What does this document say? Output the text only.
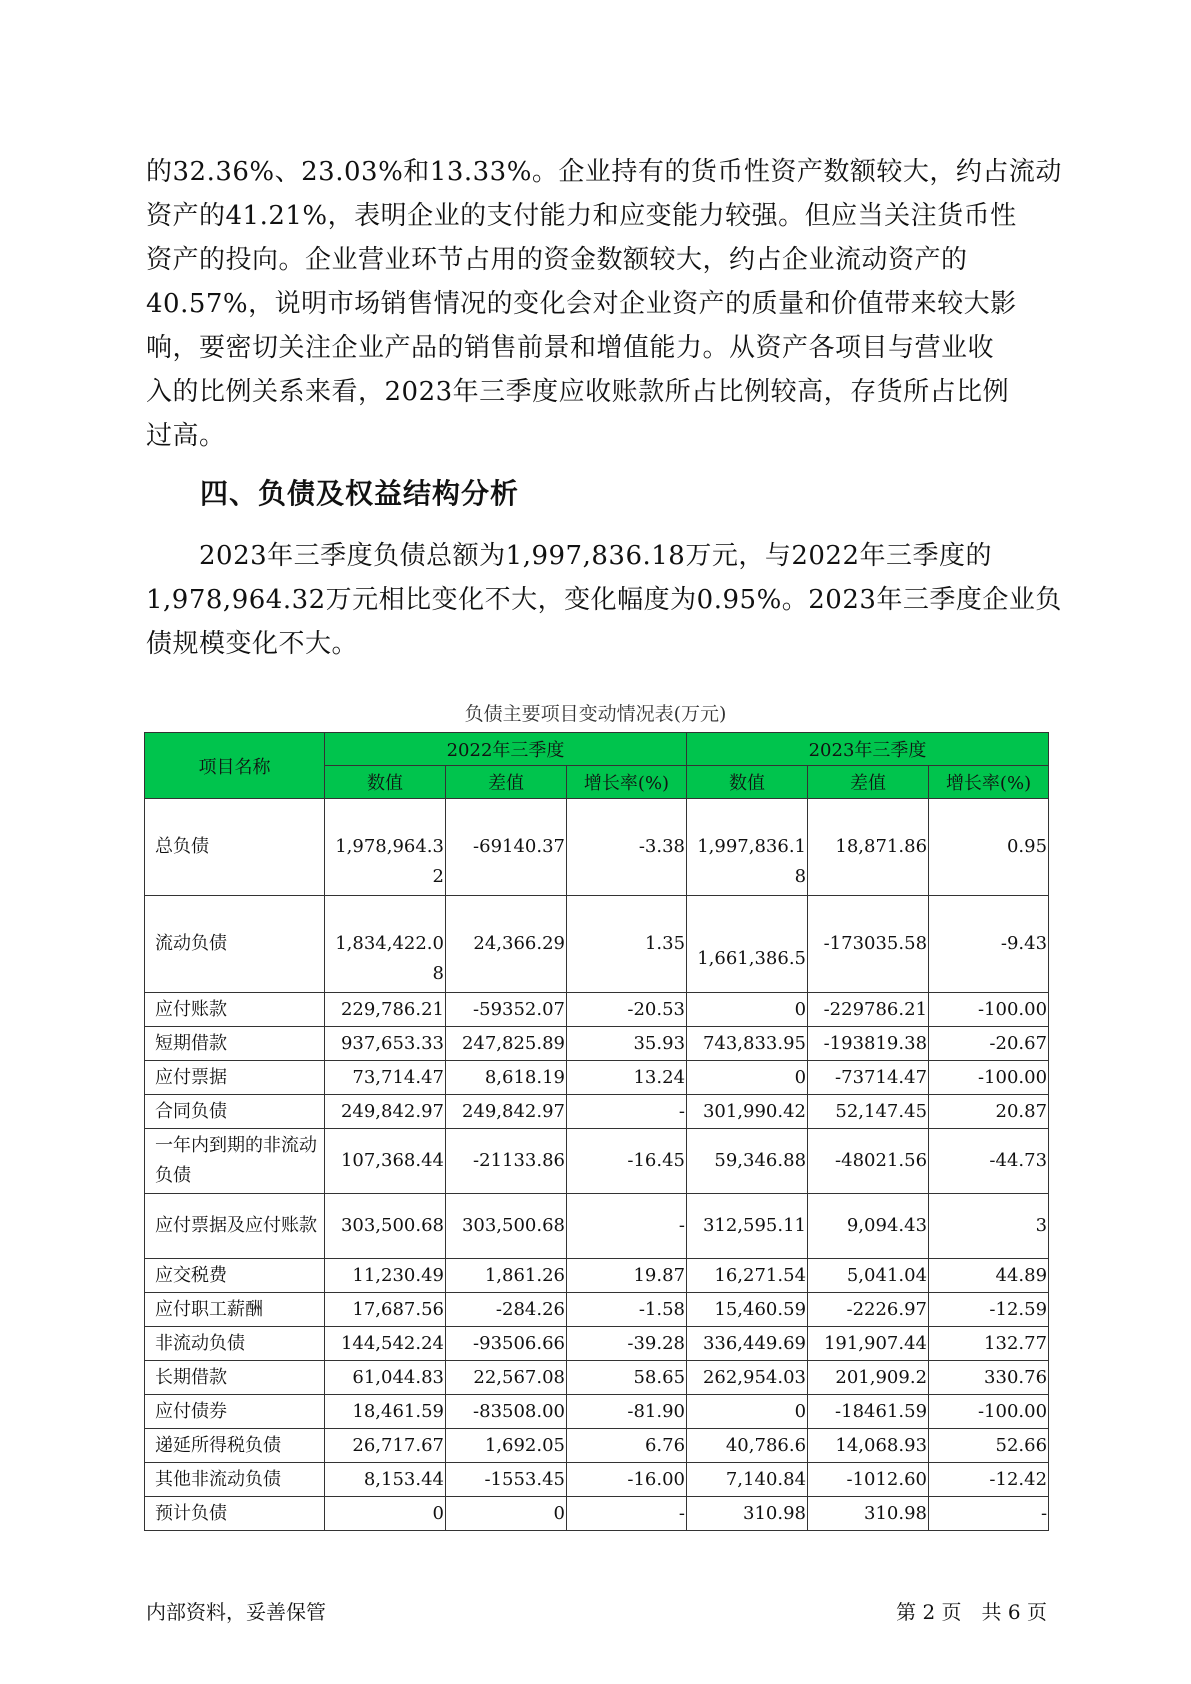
的32.36%、23.03%和13.33%。企业持有的货币性资产数额较大，约占流动
资产的41.21%，表明企业的支付能力和应变能力较强。但应当关注货币性
资产的投向。企业营业环节占用的资金数额较大，约占企业流动资产的
40.57%，说明市场销售情况的变化会对企业资产的质量和价值带来较大影
响，要密切关注企业产品的销售前景和增值能力。从资产各项目与营业收
入的比例关系来看，2023年三季度应收账款所占比例较高，存货所占比例
过高。
四、负债及权益结构分析
　　2023年三季度负债总额为1,997,836.18万元，与2022年三季度的
1,978,964.32万元相比变化不大，变化幅度为0.95%。2023年三季度企业负
债规模变化不大。
负债主要项目变动情况表(万元)
项目名称	2022年三季度			2023年三季度		
	数值	差值	增长率(%)	数值	差值	增长率(%)
总负债	1,978,964.32	-69140.37	-3.38	1,997,836.18	18,871.86	0.95
流动负债	1,834,422.08	24,366.29	1.35	1,661,386.5	-173035.58	-9.43
应付账款	229,786.21	-59352.07	-20.53	0	-229786.21	-100.00
短期借款	937,653.33	247,825.89	35.93	743,833.95	-193819.38	-20.67
应付票据	73,714.47	8,618.19	13.24	0	-73714.47	-100.00
合同负债	249,842.97	249,842.97	-	301,990.42	52,147.45	20.87
一年内到期的非流动负债	107,368.44	-21133.86	-16.45	59,346.88	-48021.56	-44.73
应付票据及应付账款	303,500.68	303,500.68	-	312,595.11	9,094.43	3
应交税费	11,230.49	1,861.26	19.87	16,271.54	5,041.04	44.89
应付职工薪酬	17,687.56	-284.26	-1.58	15,460.59	-2226.97	-12.59
非流动负债	144,542.24	-93506.66	-39.28	336,449.69	191,907.44	132.77
长期借款	61,044.83	22,567.08	58.65	262,954.03	201,909.2	330.76
应付债券	18,461.59	-83508.00	-81.90	0	-18461.59	-100.00
递延所得税负债	26,717.67	1,692.05	6.76	40,786.6	14,068.93	52.66
其他非流动负债	8,153.44	-1553.45	-16.00	7,140.84	-1012.60	-12.42
预计负债	0	0	-	310.98	310.98	-
内部资料，妥善保管	第 2 页　共 6 页
